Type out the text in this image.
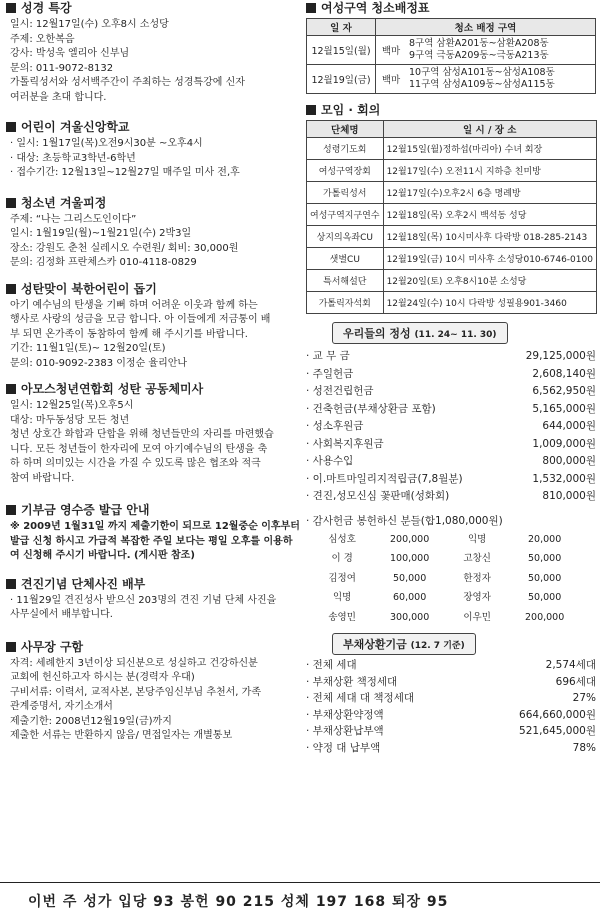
성경 특강
일시: 12월17일(수) 오후8시 소성당
주제: 오한복음
강사: 박성욱 엘리아 신부님
문의: 011-9072-8132
가톨릭성서와 성서백주간이 주최하는 성경특강에 신자
여러분을 초대 합니다.
어린이 겨울신앙학교
· 일시: 1월17일(목)오전9시30분 ~오후4시
· 대상: 초등학교3학년-6학년
· 접수기간: 12월13일~12월27일 매주일 미사 전,후
청소년 겨울피정
주제: “나는 그리스도인이다”
일시: 1월19일(월)~1월21일(수) 2박3일
장소: 강원도 춘천 실레시오 수련원/ 회비: 30,000원
문의: 김정화 프란체스카 010-4118-0829
성탄맞이 북한어린이 돕기
아기 예수님의 탄생을 기뻐 하며 어려운 이웃과 함께 하는
행사로 사랑의 성금을 모금 합니다. 아 이들에게 저금통이 배
부 되면 온가족이 동참하여 함께 해 주시기를 바랍니다.
기간: 11월1일(토)~ 12월20일(토)
문의: 010-9092-2383 이정순 율리안나
아모스청년연합회 성탄 공동체미사
일시: 12월25일(목)오후5시
대상: 마두동성당 모든 청년
청년 상호간 화합과 단합을 위해 청년들만의 자리를 마련했습
니다. 모든 청년들이 한자리에 모여 아기예수님의 탄생을 축
하 하며 의미있는 시간을 가질 수 있도록 많은 협조와 적극
참여 바랍니다.
기부금 영수증 발급 안내
※ 2009년 1월31일 까지 제출기한이 되므로 12월중순 이후부터
발급 신청 하시고 가급적 복잡한 주일 보다는 평일 오후를 이용하
여 신청해 주시기 바랍니다. (게시판 참조)
견진기념 단체사진 배부
· 11월29일 견진성사 받으신 203명의 견진 기념 단체 사진을
사무실에서 배부합니다.
사무장 구함
자격: 세례한지 3년이상 되신분으로 성실하고 건강하신분
교회에 헌신하고자 하시는 분(경력자 우대)
구비서류: 이력서, 교적사본, 본당주임신부님 추천서, 가족
관계증명서, 자기소개서
제출기한: 2008년12월19일(금)까지
제출한 서류는 반환하지 않음/ 면접일자는 개별통보
여성구역 청소배정표
일 자	청소 배정 구역	
12월15일(월)	백마	8구역 삼환A201동~삼환A208동
9구역 극동A209동~극동A213동

12월19일(금)	백마	10구역 삼성A101동~삼성A108동
11구역 삼성A109동~삼성A115동
모임 · 회의
단체명	일 시 / 장 소
성령기도회	12월15일(월)정하섭(마리아) 수녀 회장
여성구역장회	12월17일(수) 오전11시 지하층 친미방
가톨릭성서	12월17일(수)오후2시 6층 명례방
여성구역지구연수	12월18일(목) 오후2시 백석동 성당
상지의옥좌CU	12월18일(목) 10시미사후 다락방 018-285-2143
샛별CU	12월19일(금) 10시 미사후 소성당010-6746-0100
특서해설단	12월20일(토) 오후8시10분 소성당
가톨릭자석회	12월24일(수) 10시 다락방 성필용901-3460
우리들의 정성 (11. 24~ 11. 30)
· 교 무 금	29,125,000원
· 주일헌금	2,608,140원
· 성전건립헌금	6,562,950원
· 건축헌금(부채상환금 포함)	5,165,000원
· 성소후원금	644,000원
· 사회복지후원금	1,009,000원
· 사용수입	800,000원
· 이.마트마일리지적립금(7,8월분)	1,532,000원
· 견진,성모신심 꽃판매(성화회)	810,000원
· 감사헌금 봉헌하신 분들(합1,080,000원)
심성호	200,000	익명	20,000
이 경	100,000	고창신	50,000
김정여	50,000	한정자	50,000
익명	60,000	장영자	50,000
송영민	300,000	이우민	200,000
부채상환기금 (12. 7 기준)
· 전체 세대	2,574세대
· 부채상환 책정세대	696세대
· 전체 세대 대 책정세대	27%
· 부채상환약정액	664,660,000원
· 부채상환납부액	521,645,000원
· 약정 대 납부액	78%
이번 주 성가 입당 93 봉헌 90 215 성체 197 168 퇴장 95
